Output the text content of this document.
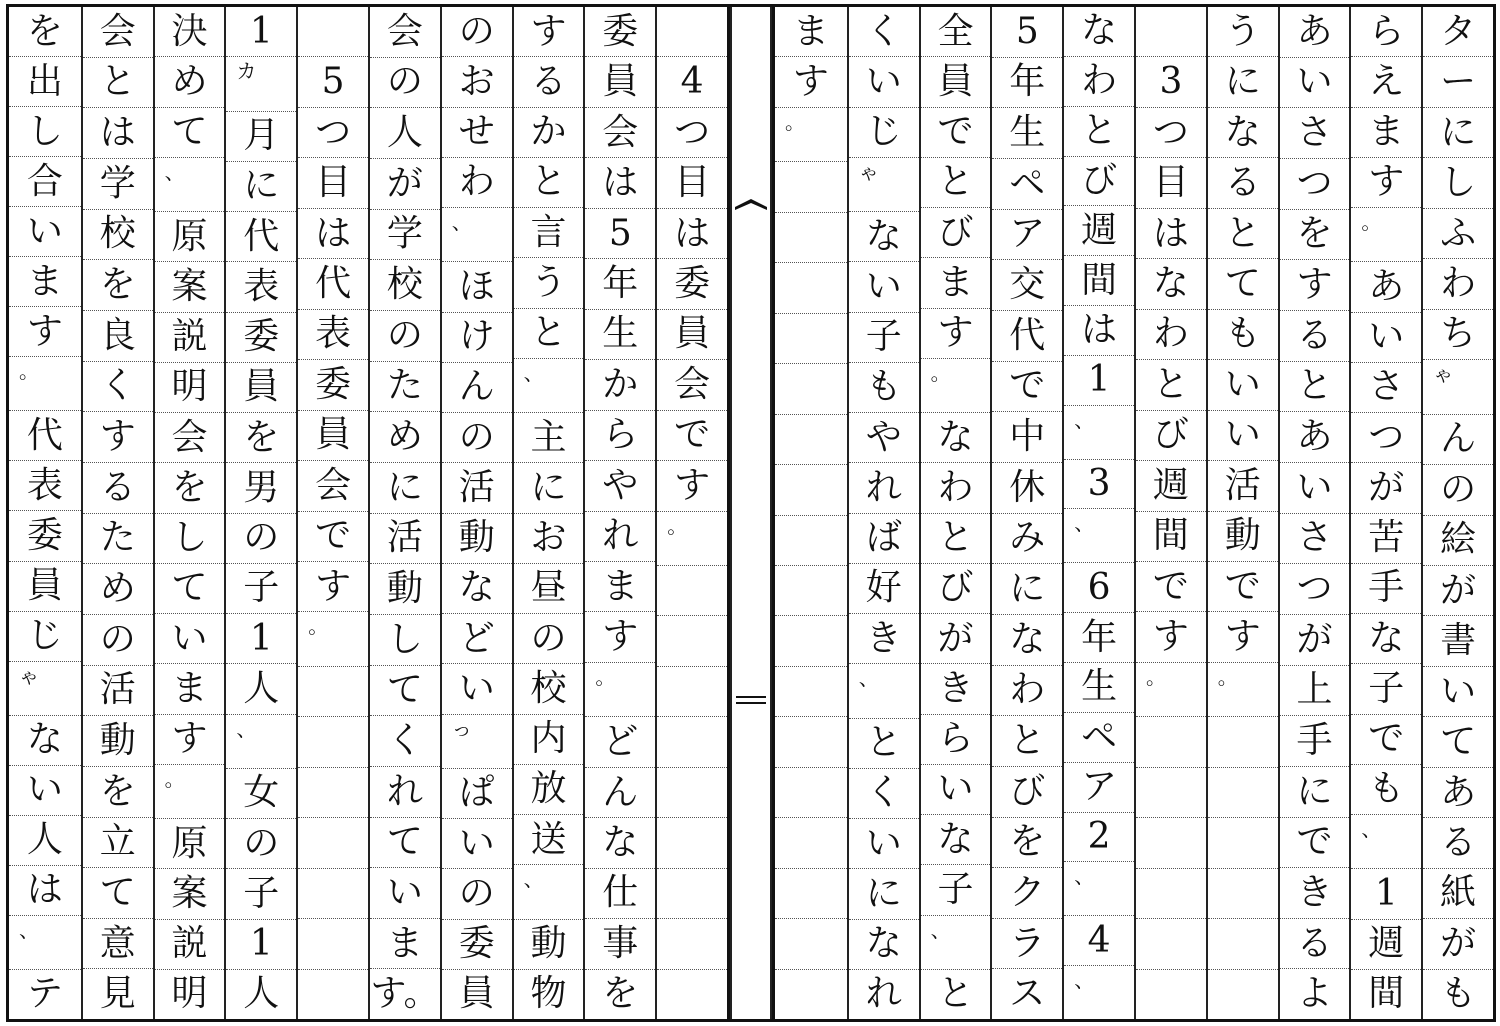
4
つ
目
は
委
員
会
で
す
。
委
員
会
は
5
年
生
か
ら
や
れ
ま
す
。
ど
ん
な
仕
事
を
す
る
か
と
言
う
と
、
主
に
お
昼
の
校
内
放
送
、
動
物
の
お
せ
わ
、
ほ
け
ん
の
活
動
な
ど
い
っ
ぱ
い
の
委
員
会
の
人
が
学
校
の
た
め
に
活
動
し
て
く
れ
て
い
ま
す。
5
つ
目
は
代
表
委
員
会
で
す
。
1
カ
月
に
代
表
委
員
を
男
の
子
1
人
、
女
の
子
1
人
決
め
て
、
原
案
説
明
会
を
し
て
い
ま
す
。
原
案
説
明
会
と
は
学
校
を
良
く
す
る
た
め
の
活
動
を
立
て
意
見
を
出
し
合
い
ま
す
。
代
表
委
員
じ
ゃ
な
い
人
は
、
テ
タ
ー
に
し
ふ
わ
ち
ゃ
ん
の
絵
が
書
い
て
あ
る
紙
が
も
ら
え
ま
す
。
あ
い
さ
つ
が
苦
手
な
子
で
も
、
1
週
間
あ
い
さ
つ
を
す
る
と
あ
い
さ
つ
が
上
手
に
で
き
る
よ
う
に
な
る
と
て
も
い
い
活
動
で
す
。
3
つ
目
は
な
わ
と
び
週
間
で
す
。
な
わ
と
び
週
間
は
1
、
3
、
6
年
生
ペ
ア
2
、
4
、
5
年
生
ペ
ア
交
代
で
中
休
み
に
な
わ
と
び
を
ク
ラ
ス
全
員
で
と
び
ま
す
。
な
わ
と
び
が
き
ら
い
な
子
、
と
く
い
じ
ゃ
な
い
子
も
や
れ
ば
好
き
、
と
く
い
に
な
れ
ま
す
。
